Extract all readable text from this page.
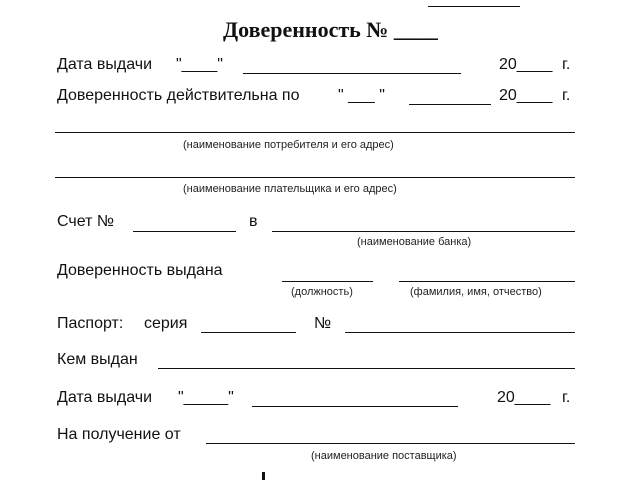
Доверенность № ____
Дата выдачи "____"	20____ г.
Доверенность действительна по " ___ "	20____ г.
(наименование потребителя и его адрес)
(наименование плательщика и его адрес)
Счет №	в
(наименование банка)
Доверенность выдана
(должность)	(фамилия, имя, отчество)
Паспорт: серия	№
Кем выдан
Дата выдачи "_____"	20____ г.
На получение от
(наименование поставщика)
